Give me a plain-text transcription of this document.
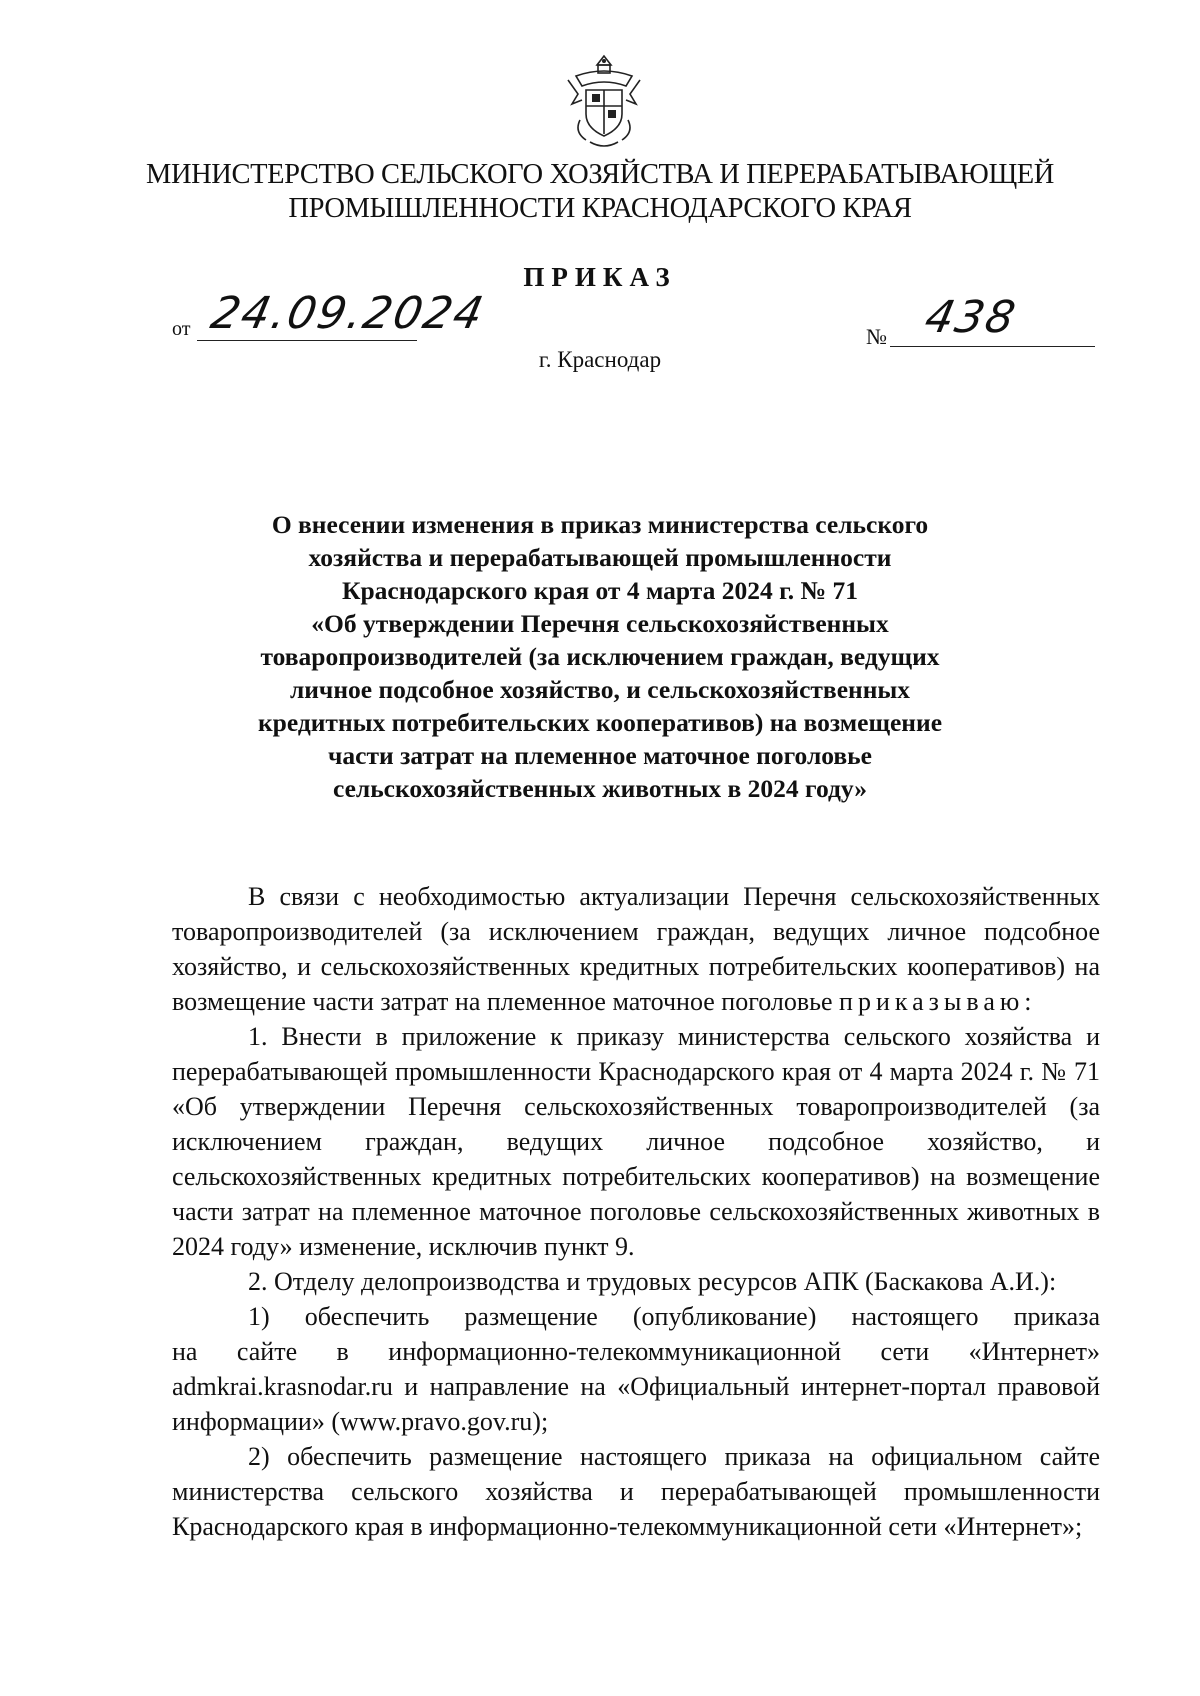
МИНИСТЕРСТВО СЕЛЬСКОГО ХОЗЯЙСТВА И ПЕРЕРАБАТЫВАЮЩЕЙ
ПРОМЫШЛЕННОСТИ КРАСНОДАРСКОГО КРАЯ
ПРИКАЗ
от 24.09.2024	№ 438
г. Краснодар
О внесении изменения в приказ министерства сельского
хозяйства и перерабатывающей промышленности
Краснодарского края от 4 марта 2024 г. № 71
«Об утверждении Перечня сельскохозяйственных
товаропроизводителей (за исключением граждан, ведущих
личное подсобное хозяйство, и сельскохозяйственных
кредитных потребительских кооперативов) на возмещение
части затрат на племенное маточное поголовье
сельскохозяйственных животных в 2024 году»

В связи с необходимостью актуализации Перечня сельскохозяйственных товаропроизводителей (за исключением граждан, ведущих личное подсобное хозяйство, и сельскохозяйственных кредитных потребительских кооперативов) на возмещение части затрат на племенное маточное поголовье приказываю:

1. Внести в приложение к приказу министерства сельского хозяйства и перерабатывающей промышленности Краснодарского края от 4 марта 2024 г. № 71 «Об утверждении Перечня сельскохозяйственных товаропроизводителей (за исключением граждан, ведущих личное подсобное хозяйство, и сельскохозяйственных кредитных потребительских кооперативов) на возмещение части затрат на племенное маточное поголовье сельскохозяйственных животных в 2024 году» изменение, исключив пункт 9.

2. Отделу делопроизводства и трудовых ресурсов АПК (Баскакова А.И.):

1) обеспечить размещение (опубликование) настоящего приказа

на сайте в информационно-телекоммуникационной сети «Интернет»

admkrai.krasnodar.ru и направление на «Официальный интернет-портал правовой информации» (www.pravo.gov.ru);

2) обеспечить размещение настоящего приказа на официальном сайте министерства сельского хозяйства и перерабатывающей промышленности Краснодарского края в информационно-телекоммуникационной сети «Интернет»;
